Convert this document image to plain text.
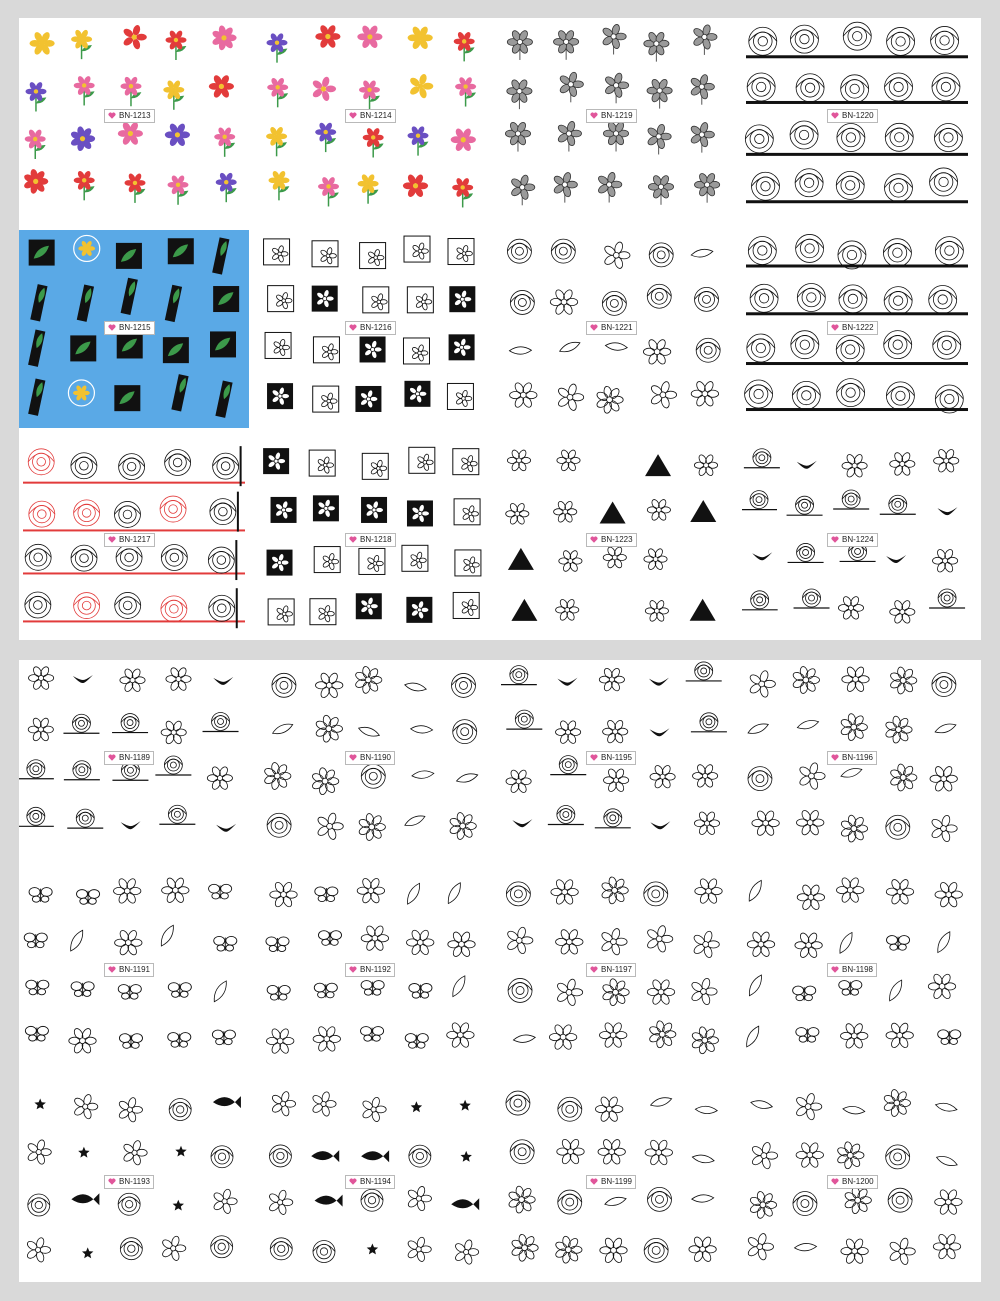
BN-1213	BN-1214	BN-1219	BN-1220
BN-1215	BN-1216	BN-1221	BN-1222
BN-1217	BN-1218	BN-1223	BN-1224
BN-1189	BN-1190	BN-1195	BN-1196
BN-1191	BN-1192	BN-1197	BN-1198
BN-1193	BN-1194	BN-1199	BN-1200
